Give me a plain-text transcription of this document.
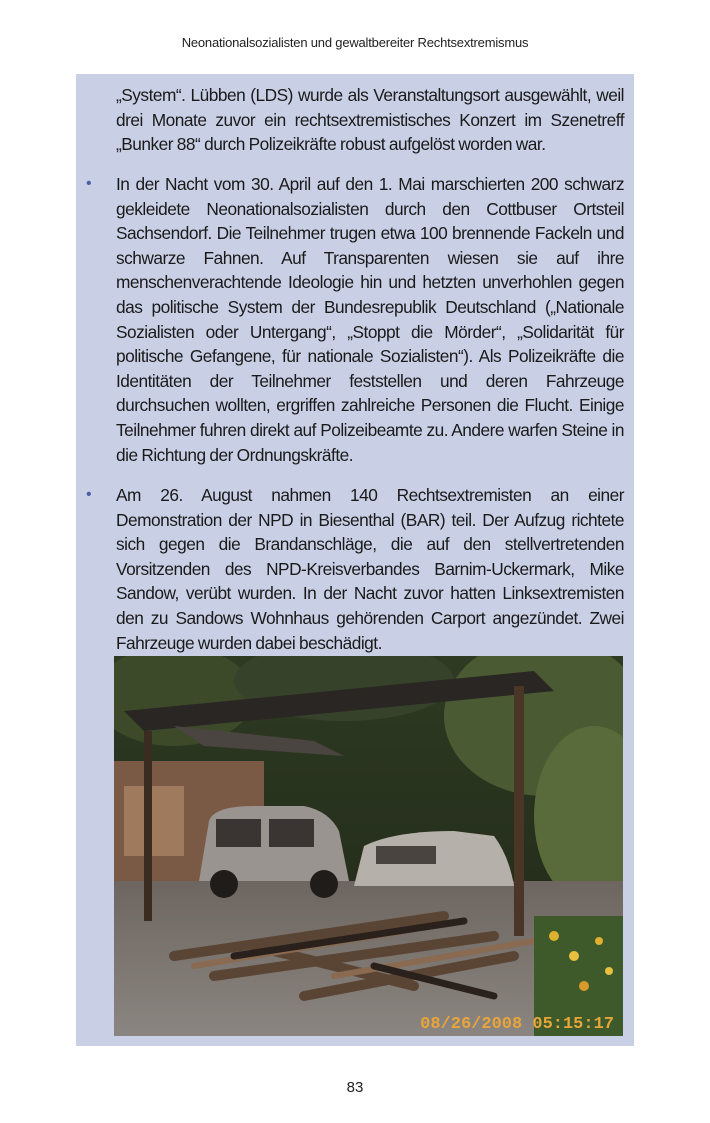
Neonationalsozialisten und gewaltbereiter Rechtsextremismus
„System“. Lübben (LDS) wurde als Veranstaltungsort ausgewählt, weil drei Monate zuvor ein rechtsextremistisches Konzert im Szenetreff „Bunker 88“ durch Polizeikräfte robust aufgelöst worden war.
• In der Nacht vom 30. April auf den 1. Mai marschierten 200 schwarz gekleidete Neonationalsozialisten durch den Cottbuser Ortsteil Sachsendorf. Die Teilnehmer trugen etwa 100 brennende Fackeln und schwarze Fahnen. Auf Transparenten wiesen sie auf ihre menschenverachtende Ideologie hin und hetzten unverhohlen gegen das politische System der Bundesrepublik Deutschland („Nationale Sozialisten oder Untergang“, „Stoppt die Mörder“, „Solidarität für politische Gefangene, für nationale Sozialisten“). Als Polizeikräfte die Identitäten der Teilnehmer feststellen und deren Fahrzeuge durchsuchen wollten, ergriffen zahlreiche Personen die Flucht. Einige Teilnehmer fuhren direkt auf Polizeibeamte zu. Andere warfen Steine in die Richtung der Ordnungskräfte.
• Am 26. August nahmen 140 Rechtsextremisten an einer Demonstration der NPD in Biesenthal (BAR) teil. Der Aufzug richtete sich gegen die Brandanschläge, die auf den stellvertretenden Vorsitzenden des NPD-Kreisverbandes Barnim-Uckermark, Mike Sandow, verübt wurden. In der Nacht zuvor hatten Linksextremisten den zu Sandows Wohnhaus gehörenden Carport angezündet. Zwei Fahrzeuge wurden dabei beschädigt.
08/26/2008 05:15:17
83
